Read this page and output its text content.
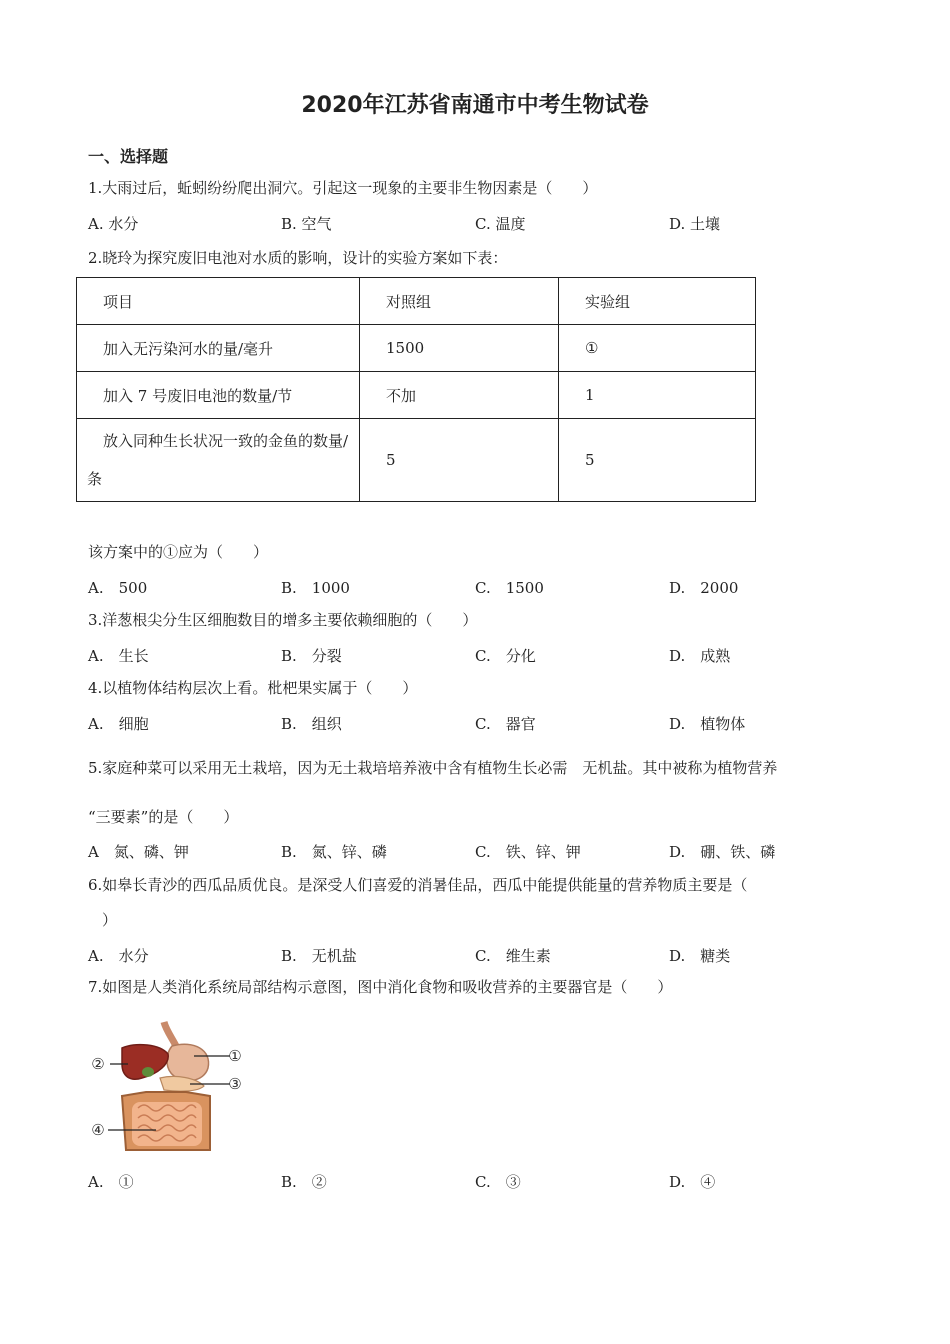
2020年江苏省南通市中考生物试卷
一、选择题
1.大雨过后，蚯蚓纷纷爬出洞穴。引起这一现象的主要非生物因素是（　　）
A. 水分	B. 空气	C. 温度	D. 土壤
2.晓玲为探究废旧电池对水质的影响，设计的实验方案如下表：
项目	对照组	实验组
加入无污染河水的量/毫升	1500	①
加入 7 号废旧电池的数量/节	不加	1
放入同种生长状况一致的金鱼的数量/条	5	5
该方案中的①应为（　　）
A.　500	B.　1000	C.　1500	D.　2000
3.洋葱根尖分生区细胞数目的增多主要依赖细胞的（　　）
A.　生长	B.　分裂	C.　分化	D.　成熟
4.以植物体结构层次上看。枇杷果实属于（　　）
A.　细胞	B.　组织	C.　器官	D.　植物体
5.家庭种菜可以采用无土栽培，因为无土栽培培养液中含有植物生长必需　无机盐。其中被称为植物营养
“三要素”的是（　　）
A　氮、磷、钾	B.　氮、锌、磷	C.　铁、锌、钾	D.　硼、铁、磷
6.如皋长青沙的西瓜品质优良。是深受人们喜爱的消暑佳品，西瓜中能提供能量的营养物质主要是（
）
A.　水分	B.　无机盐	C.　维生素	D.　糖类
7.如图是人类消化系统局部结构示意图，图中消化食物和吸收营养的主要器官是（　　）
①
②
③
④
A.　①	B.　②	C.　③	D.　④
